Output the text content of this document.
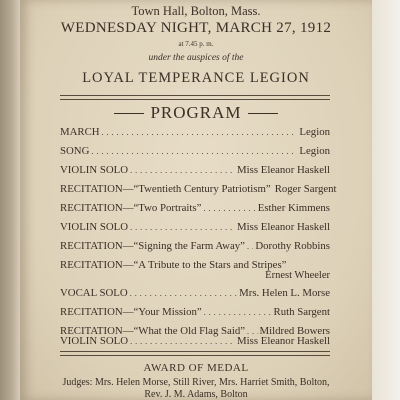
Town Hall, Bolton, Mass.
WEDNESDAY NIGHT, MARCH 27, 1912
at 7.45 p. m.
under the auspices of the
LOYAL TEMPERANCE LEGION
PROGRAM
MARCH . . .	Legion
SONG . . .	Legion
VIOLIN SOLO . . .	Miss Eleanor Haskell
RECITATION—“Twentieth Century Patriotism” Roger Sargent
RECITATION—“Two Portraits” . . .	Esther Kimmens
VIOLIN SOLO . . .	Miss Eleanor Haskell
RECITATION—“Signing the Farm Away” . . . Dorothy Robbins
RECITATION—“A Tribute to the Stars and Stripes”
Ernest Wheeler
VOCAL SOLO . . .	Mrs. Helen L. Morse
RECITATION—“Your Mission” . . .	Ruth Sargent
RECITATION—“What the Old Flag Said” . . . Mildred Bowers
VIOLIN SOLO . . .	Miss Eleanor Haskell
AWARD OF MEDAL
Judges: Mrs. Helen Morse, Still River, Mrs. Harriet Smith, Bolton,
Rev. J. M. Adams, Bolton
